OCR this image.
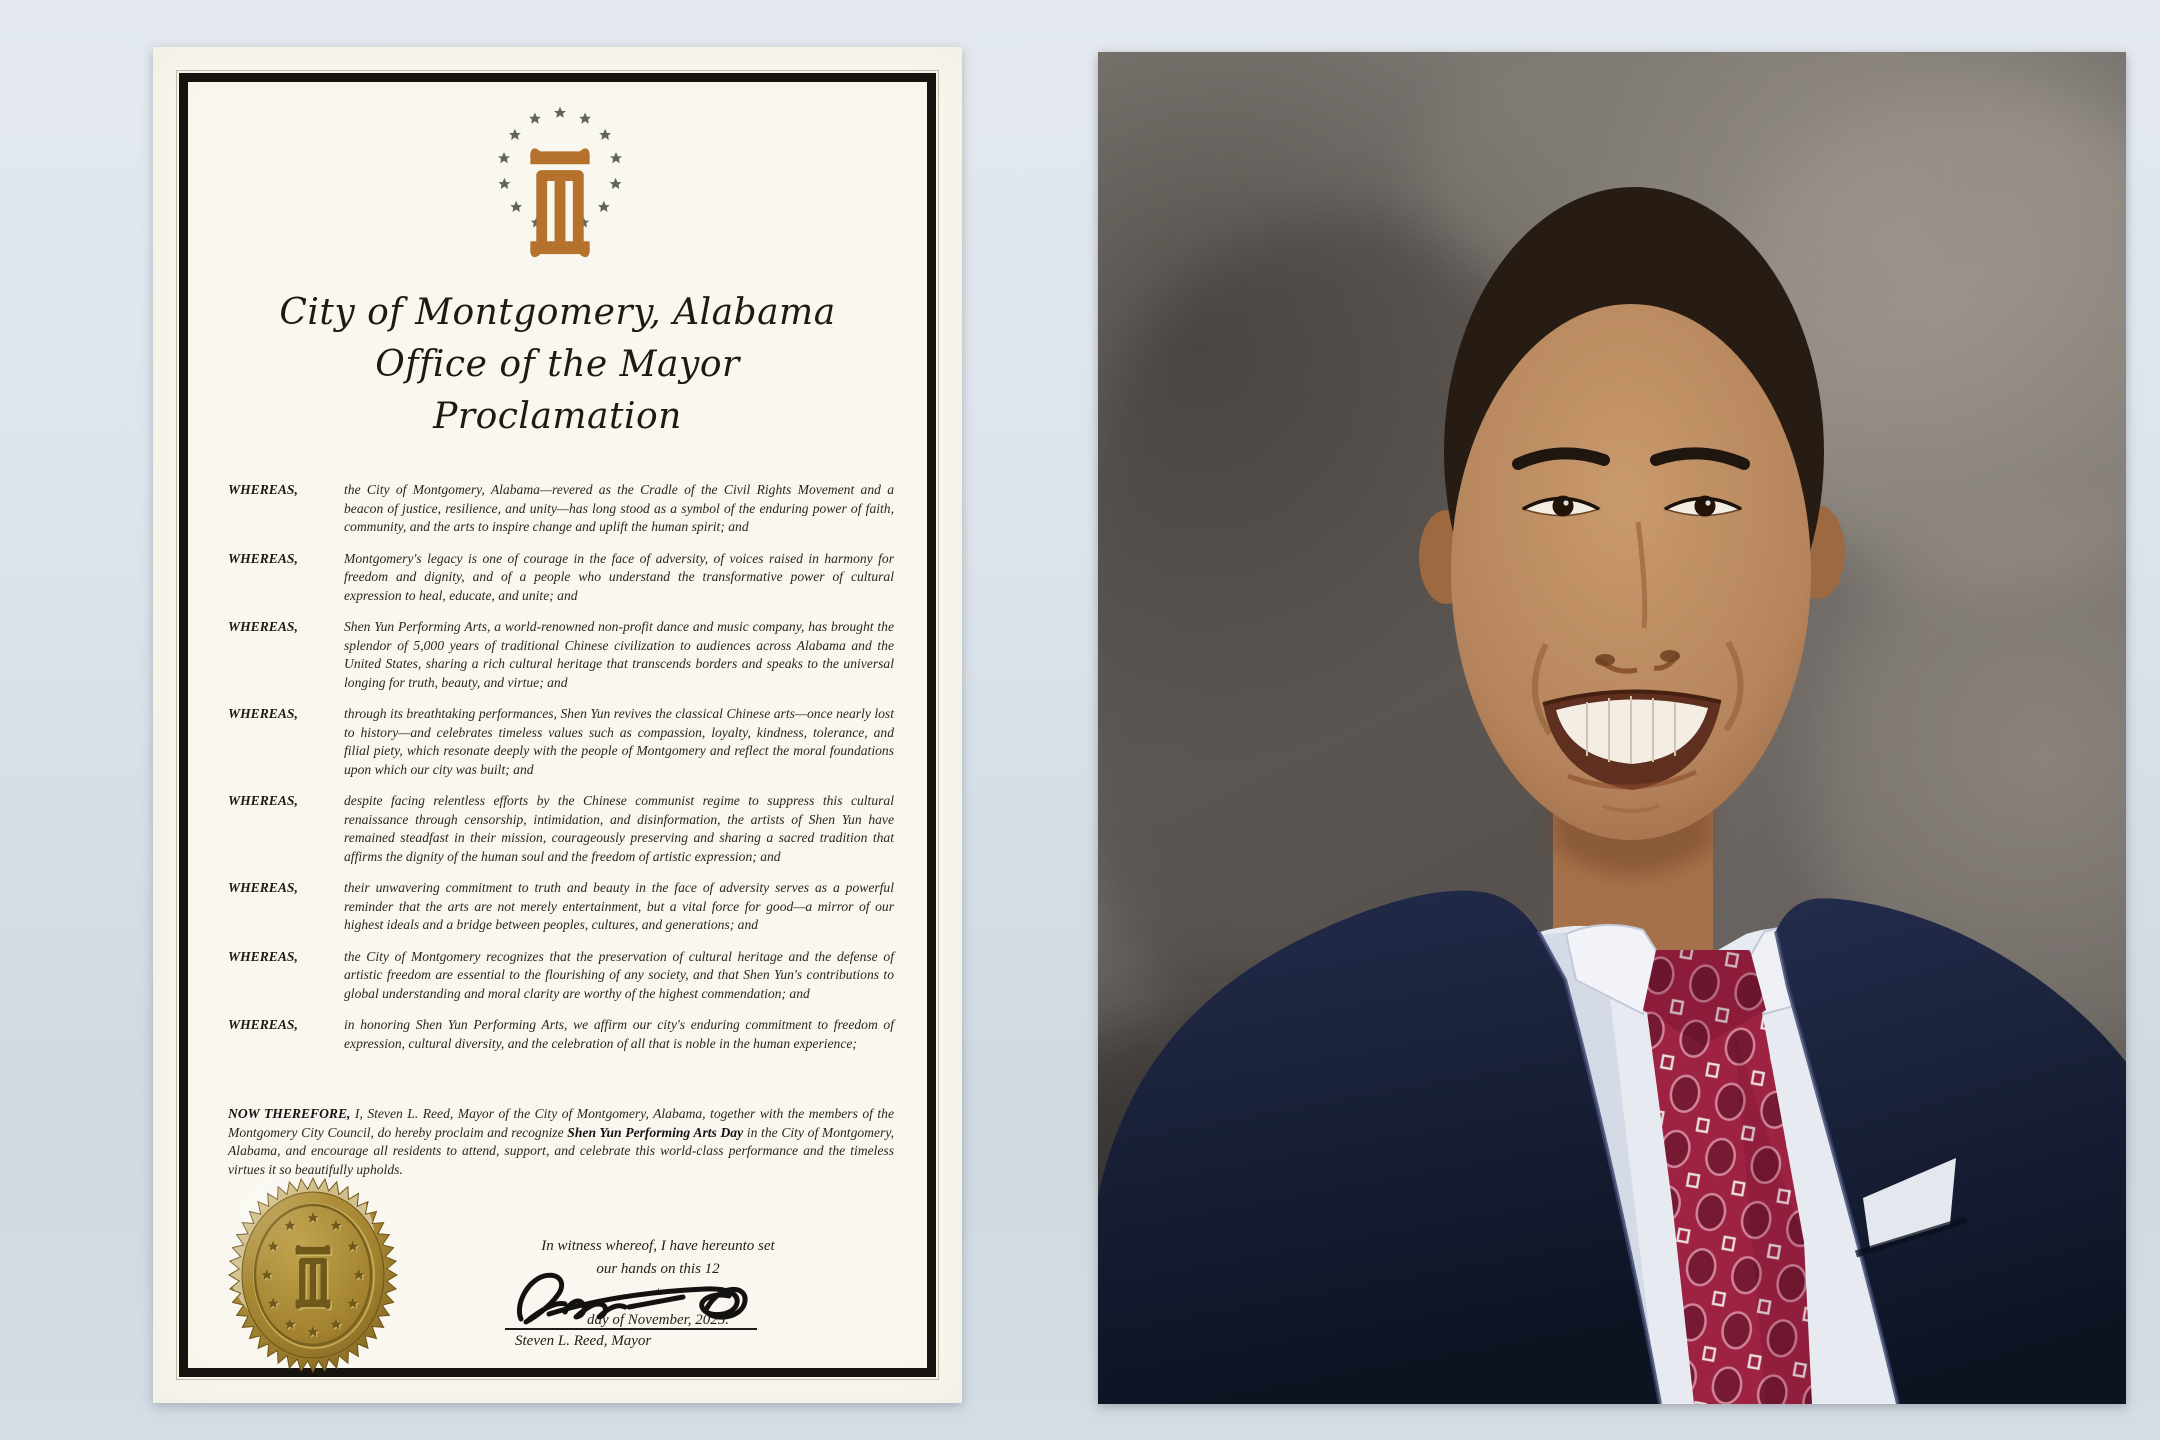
City of Montgomery, Alabama
Office of the Mayor
Proclamation
WHEREAS,	the City of Montgomery, Alabama—revered as the Cradle of the Civil Rights Movement and a beacon of justice, resilience, and unity—has long stood as a symbol of the enduring power of faith, community, and the arts to inspire change and uplift the human spirit; and
WHEREAS,	Montgomery's legacy is one of courage in the face of adversity, of voices raised in harmony for freedom and dignity, and of a people who understand the transformative power of cultural expression to heal, educate, and unite; and
WHEREAS,	Shen Yun Performing Arts, a world-renowned non-profit dance and music company, has brought the splendor of 5,000 years of traditional Chinese civilization to audiences across Alabama and the United States, sharing a rich cultural heritage that transcends borders and speaks to the universal longing for truth, beauty, and virtue; and
WHEREAS,	through its breathtaking performances, Shen Yun revives the classical Chinese arts—once nearly lost to history—and celebrates timeless values such as compassion, loyalty, kindness, tolerance, and filial piety, which resonate deeply with the people of Montgomery and reflect the moral foundations upon which our city was built; and
WHEREAS,	despite facing relentless efforts by the Chinese communist regime to suppress this cultural renaissance through censorship, intimidation, and disinformation, the artists of Shen Yun have remained steadfast in their mission, courageously preserving and sharing a sacred tradition that affirms the dignity of the human soul and the freedom of artistic expression; and
WHEREAS,	their unwavering commitment to truth and beauty in the face of adversity serves as a powerful reminder that the arts are not merely entertainment, but a vital force for good—a mirror of our highest ideals and a bridge between peoples, cultures, and generations; and
WHEREAS,	the City of Montgomery recognizes that the preservation of cultural heritage and the defense of artistic freedom are essential to the flourishing of any society, and that Shen Yun's contributions to global understanding and moral clarity are worthy of the highest commendation; and
WHEREAS,	in honoring Shen Yun Performing Arts, we affirm our city's enduring commitment to freedom of expression, cultural diversity, and the celebration of all that is noble in the human experience;

NOW THEREFORE, I, Steven L. Reed, Mayor of the City of Montgomery, Alabama, together with the members of the Montgomery City Council, do hereby proclaim and recognize Shen Yun Performing Arts Day in the City of Montgomery, Alabama, and encourage all residents to attend, support, and celebrate this world-class performance and the timeless virtues it so beautifully upholds.

In witness whereof, I have hereunto set
our hands on this 12
$^{th}$
day of November, 2025.
Steven L. Reed, Mayor
